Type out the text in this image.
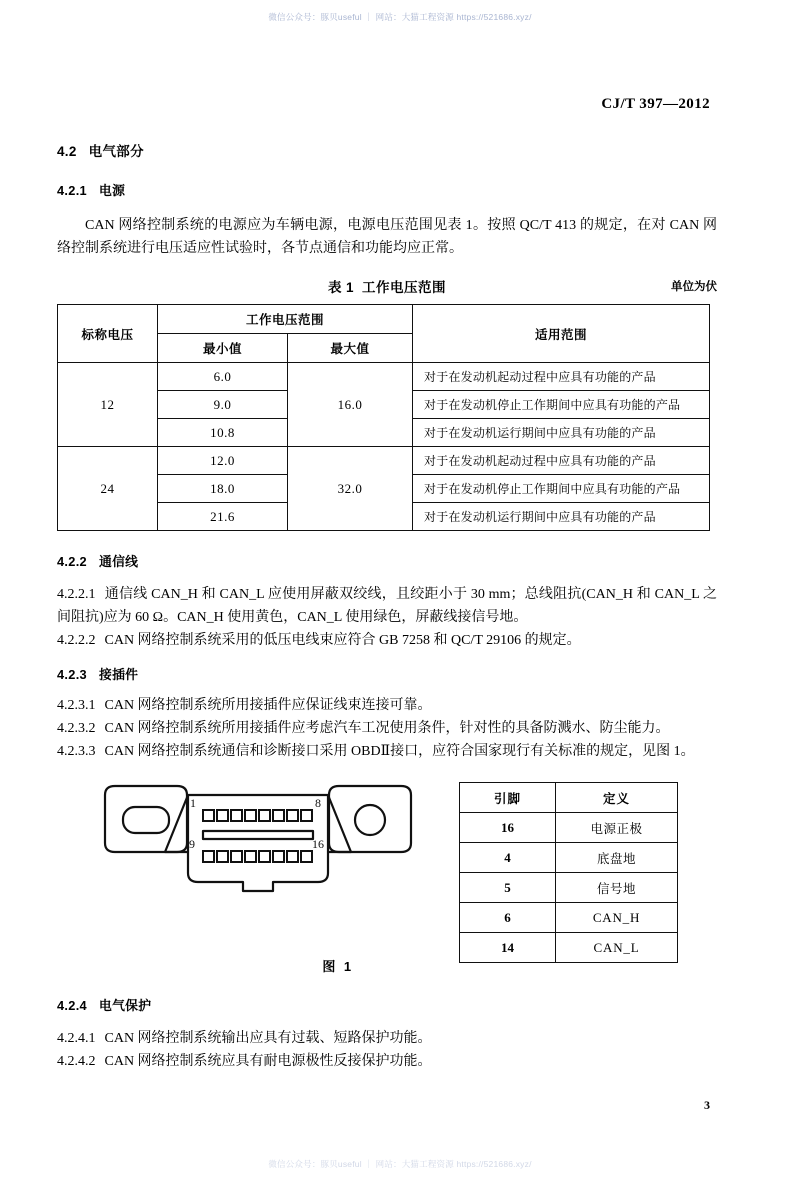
微信公众号：豚贝useful ｜ 网站：大猫工程资源 https://521686.xyz/
CJ/T 397—2012
4.2 电气部分
4.2.1 电源

CAN 网络控制系统的电源应为车辆电源，电源电压范围见表 1。按照 QC/T 413 的规定，在对 CAN 网络控制系统进行电压适应性试验时，各节点通信和功能均应正常。

表 1 工作电压范围	单位为伏
标称电压	工作电压范围		适用范围
	最小值	最大值	
12	6.0	16.0	对于在发动机起动过程中应具有功能的产品
	9.0		对于在发动机停止工作期间中应具有功能的产品
	10.8		对于在发动机运行期间中应具有功能的产品
24	12.0	32.0	对于在发动机起动过程中应具有功能的产品
	18.0		对于在发动机停止工作期间中应具有功能的产品
	21.6		对于在发动机运行期间中应具有功能的产品
4.2.2 通信线

4.2.2.1 通信线 CAN_H 和 CAN_L 应使用屏蔽双绞线，且绞距小于 30 mm；总线阻抗(CAN_H 和 CAN_L 之间阻抗)应为 60 Ω。CAN_H 使用黄色，CAN_L 使用绿色，屏蔽线接信号地。

4.2.2.2 CAN 网络控制系统采用的低压电线束应符合 GB 7258 和 QC/T 29106 的规定。

4.2.3 接插件

4.2.3.1 CAN 网络控制系统所用接插件应保证线束连接可靠。

4.2.3.2 CAN 网络控制系统所用接插件应考虑汽车工况使用条件，针对性的具备防溅水、防尘能力。

4.2.3.3 CAN 网络控制系统通信和诊断接口采用 OBDⅡ接口，应符合国家现行有关标准的规定，见图 1。

1	8
9	16
引脚	定义
16	电源正极
4	底盘地
5	信号地
6	CAN_H
14	CAN_L
图 1
4.2.4 电气保护

4.2.4.1 CAN 网络控制系统输出应具有过载、短路保护功能。

4.2.4.2 CAN 网络控制系统应具有耐电源极性反接保护功能。

3
微信公众号：豚贝useful ｜ 网站：大猫工程资源 https://521686.xyz/
